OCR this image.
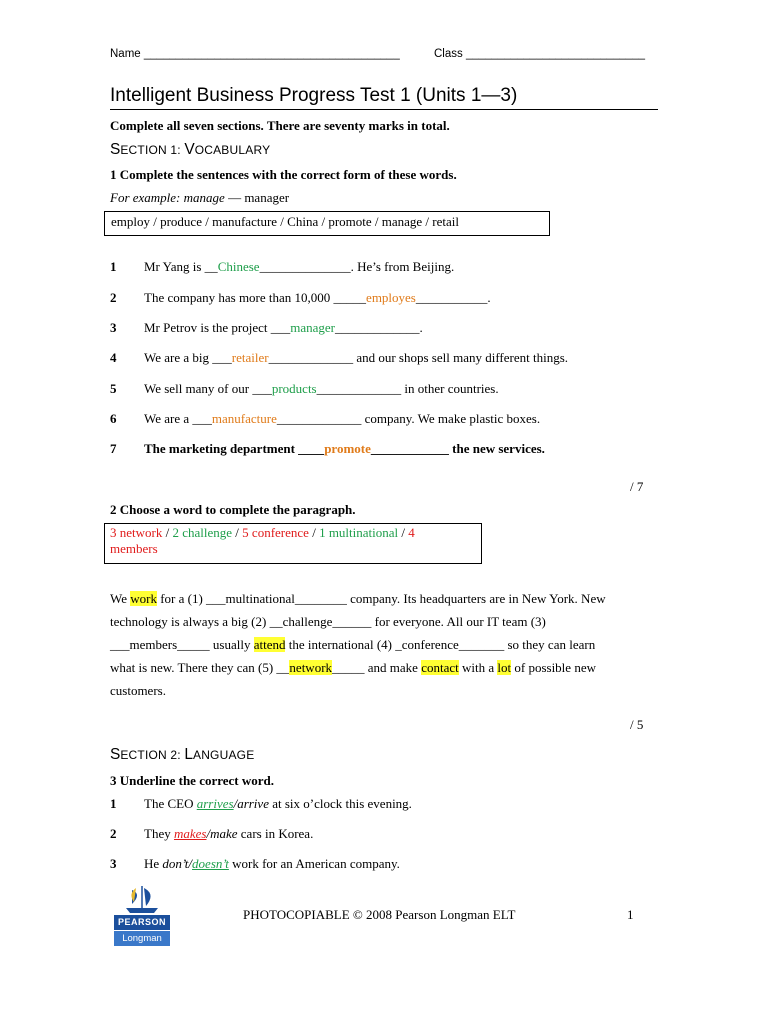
Name ________________________________________	Class ____________________________
Intelligent Business Progress Test 1 (Units 1—3)
Complete all seven sections. There are seventy marks in total.
SECTION 1: VOCABULARY
1 Complete the sentences with the correct form of these words.
For example: manage — manager
employ / produce / manufacture / China / promote / manage / retail
1 Mr Yang is __Chinese______________. He’s from Beijing.
2 The company has more than 10,000 _____employes___________.
3 Mr Petrov is the project ___manager_____________.
4 We are a big ___retailer_____________ and our shops sell many different things.
5 We sell many of our ___products_____________ in other countries.
6 We are a ___manufacture_____________ company. We make plastic boxes.
7 The marketing department ____promote____________ the new services.
/ 7
2 Choose a word to complete the paragraph.
3 network / 2 challenge / 5 conference / 1 multinational / 4
members
We work for a (1) ___multinational________ company. Its headquarters are in New York. New
technology is always a big (2) __challenge______ for everyone. All our IT team (3)
___members_____ usually attend the international (4) _conference_______ so they can learn
what is new. There they can (5) __network_____ and make contact with a lot of possible new
customers.
/ 5
SECTION 2: LANGUAGE
3 Underline the correct word.
1 The CEO arrives/arrive at six o’clock this evening.
2 They makes/make cars in Korea.
3 He don’t/doesn’t work for an American company.
PEARSON
Longman
PHOTOCOPIABLE © 2008 Pearson Longman ELT	1
